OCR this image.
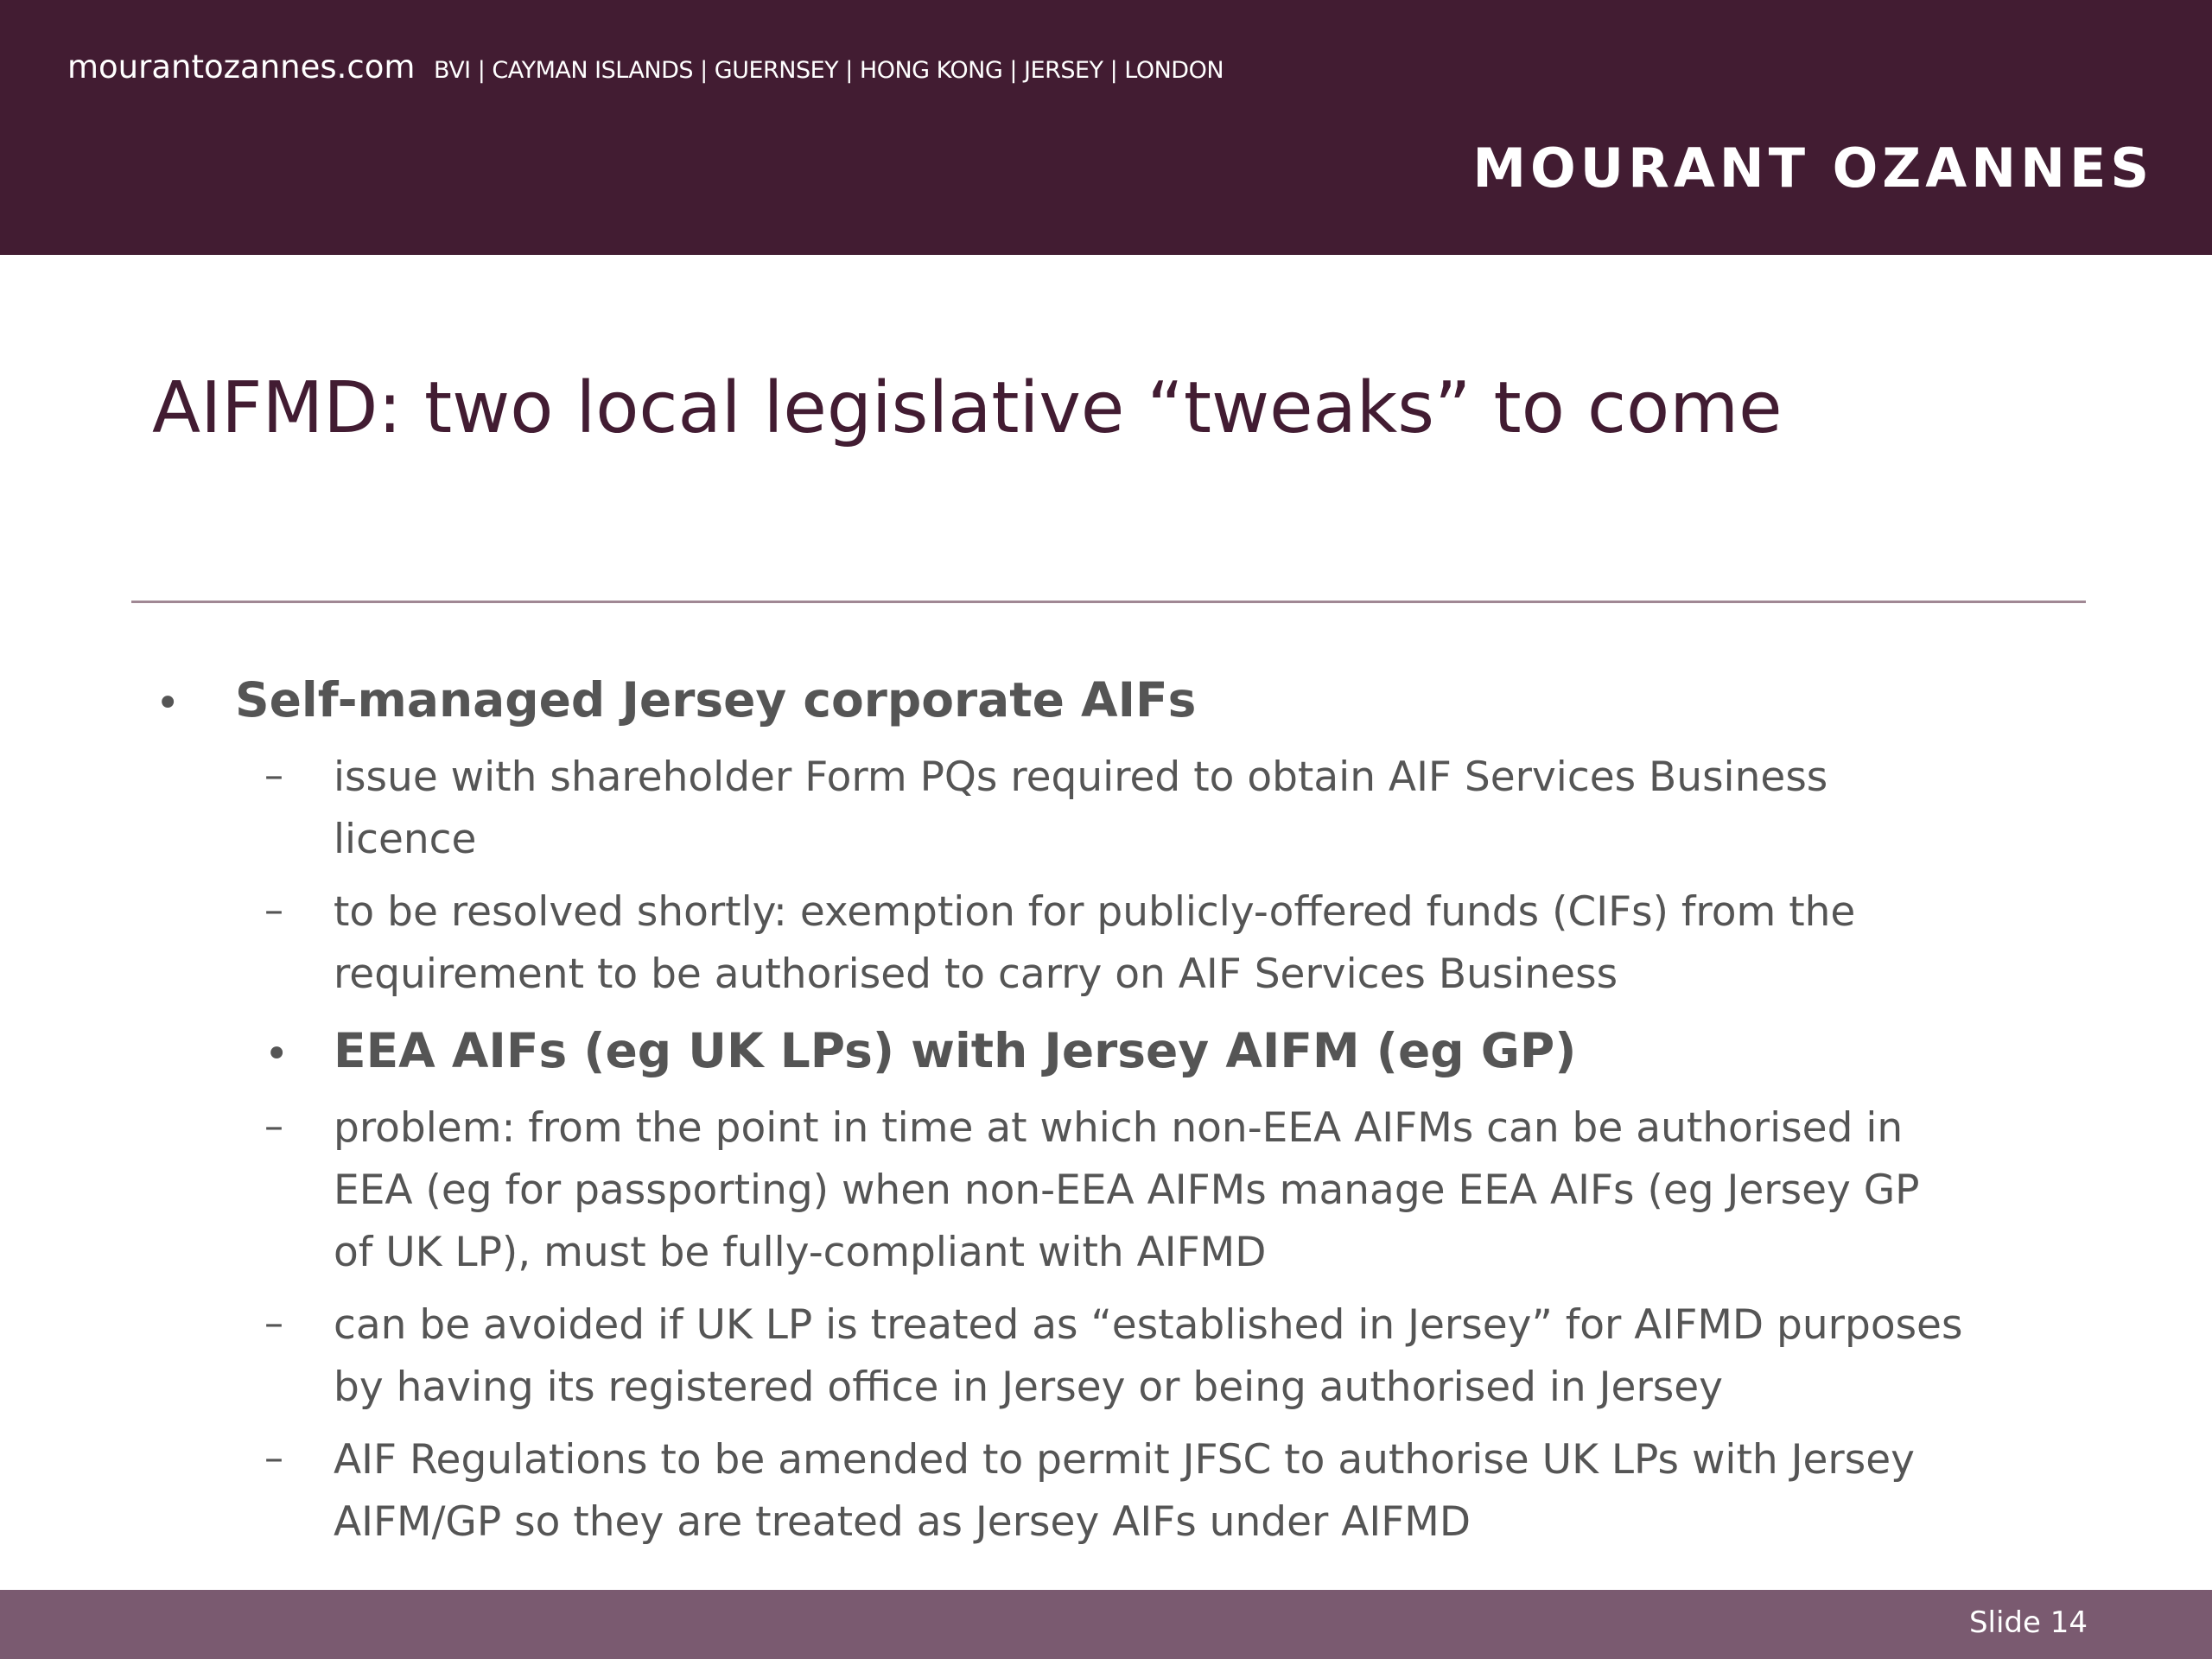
mourantozannes.com BVI | CAYMAN ISLANDS | GUERNSEY | HONG KONG | JERSEY | LONDON
MOURANT OZANNES
AIFMD: two local legislative “tweaks” to come
• Self-managed Jersey corporate AIFs
– issue with shareholder Form PQs required to obtain AIF Services Business
licence
– to be resolved shortly: exemption for publicly-offered funds (CIFs) from the
requirement to be authorised to carry on AIF Services Business
• EEA AIFs (eg UK LPs) with Jersey AIFM (eg GP)
– problem: from the point in time at which non-EEA AIFMs can be authorised in
EEA (eg for passporting) when non-EEA AIFMs manage EEA AIFs (eg Jersey GP
of UK LP), must be fully-compliant with AIFMD
– can be avoided if UK LP is treated as “established in Jersey” for AIFMD purposes
by having its registered office in Jersey or being authorised in Jersey
– AIF Regulations to be amended to permit JFSC to authorise UK LPs with Jersey
AIFM/GP so they are treated as Jersey AIFs under AIFMD
Slide 14
